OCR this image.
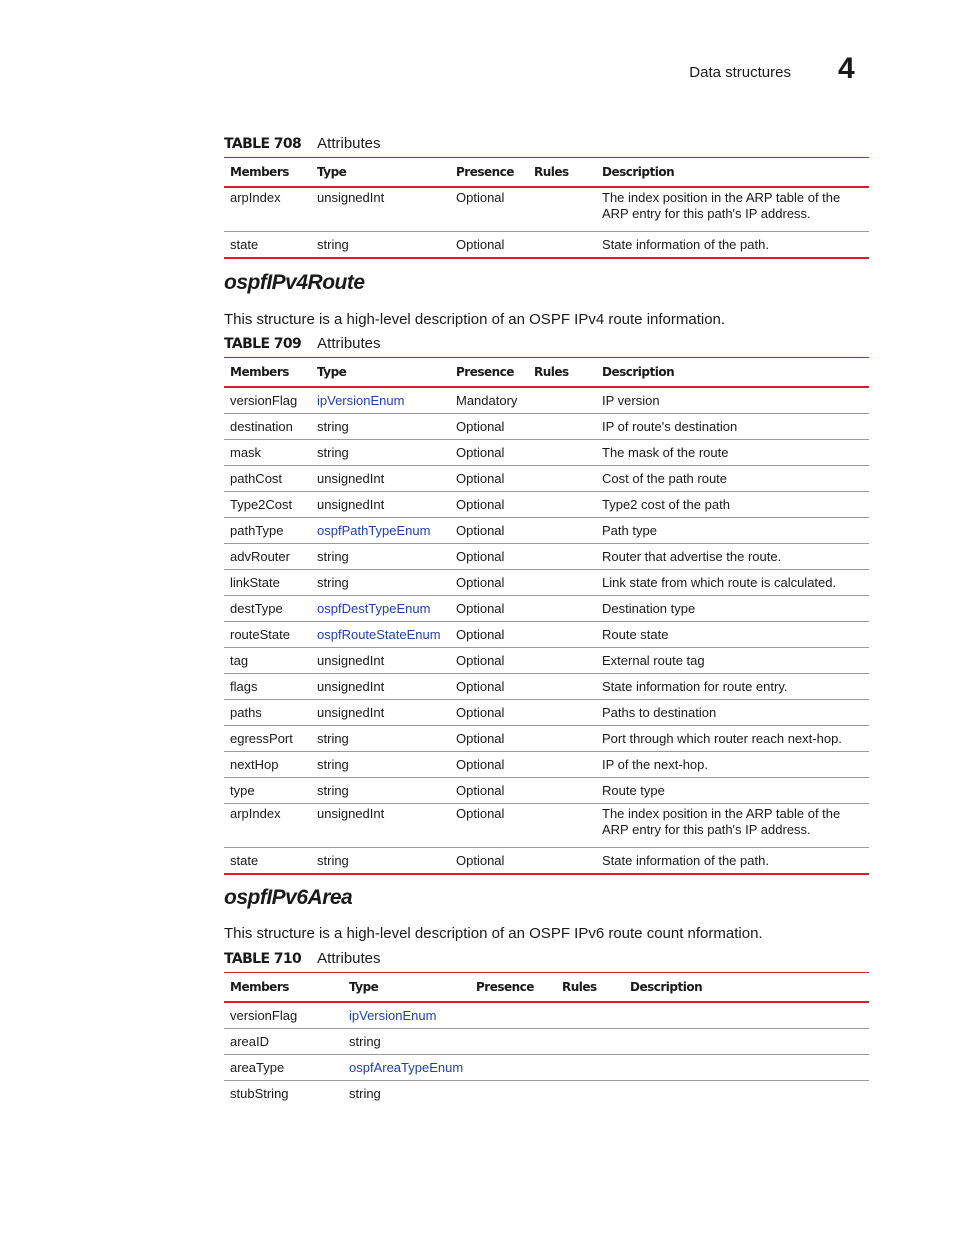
Data structures 4
TABLE 708 Attributes
Members	Type	Presence	Rules	Description
arpIndex	unsignedInt	Optional		The index position in the ARP table of the ARP entry for this path's IP address.
state	string	Optional		State information of the path.
ospfIPv4Route
This structure is a high-level description of an OSPF IPv4 route information.
TABLE 709 Attributes
Members	Type	Presence	Rules	Description
versionFlag	ipVersionEnum	Mandatory		IP version
destination	string	Optional		IP of route's destination
mask	string	Optional		The mask of the route
pathCost	unsignedInt	Optional		Cost of the path route
Type2Cost	unsignedInt	Optional		Type2 cost of the path
pathType	ospfPathTypeEnum	Optional		Path type
advRouter	string	Optional		Router that advertise the route.
linkState	string	Optional		Link state from which route is calculated.
destType	ospfDestTypeEnum	Optional		Destination type
routeState	ospfRouteStateEnum	Optional		Route state
tag	unsignedInt	Optional		External route tag
flags	unsignedInt	Optional		State information for route entry.
paths	unsignedInt	Optional		Paths to destination
egressPort	string	Optional		Port through which router reach next-hop.
nextHop	string	Optional		IP of the next-hop.
type	string	Optional		Route type
arpIndex	unsignedInt	Optional		The index position in the ARP table of the ARP entry for this path's IP address.
state	string	Optional		State information of the path.
ospfIPv6Area
This structure is a high-level description of an OSPF IPv6 route count nformation.
TABLE 710 Attributes
Members	Type	Presence	Rules	Description
versionFlag	ipVersionEnum			
areaID	string			
areaType	ospfAreaTypeEnum			
stubString	string			
